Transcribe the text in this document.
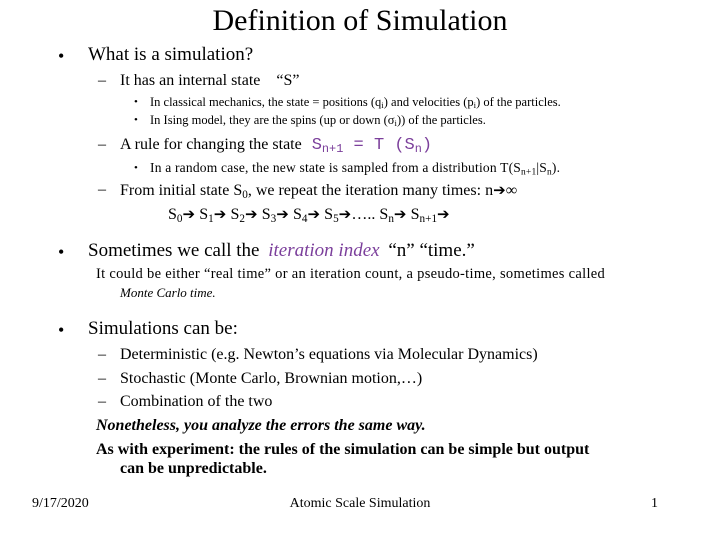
Definition of Simulation
• What is a simulation?
– It has an internal state “S”
• In classical mechanics, the state = positions $(q_i)$ and velocities $(p_i)$ of the particles.
• In Ising model, they are the spins (up or down $(\sigma_i)$) of the particles.
– A rule for changing the state $S_{n+1} = T$ $(S_n)$
• In a random case, the new state is sampled from a distribution $T(S_{n+1}|S_n)$.
– From initial state $S_0$, we repeat the iteration many times: n➔∞
$S_0➔$ $S_1➔$ $S_2➔$ $S_3➔$ $S_4➔$ $S_5➔\dots$.. $S_n➔$ $S_{n+1}➔$
• Sometimes we call the iteration index “n” “time.”
It could be either “real time” or an iteration count, a pseudo-time, sometimes called
Monte Carlo time.
• Simulations can be:
– Deterministic (e.g. Newton’s equations via Molecular Dynamics)
– Stochastic (Monte Carlo, Brownian motion,…)
– Combination of the two
Nonetheless, you analyze the errors the same way.
As with experiment: the rules of the simulation can be simple but output
can be unpredictable.
9/17/2020	Atomic Scale Simulation	1
